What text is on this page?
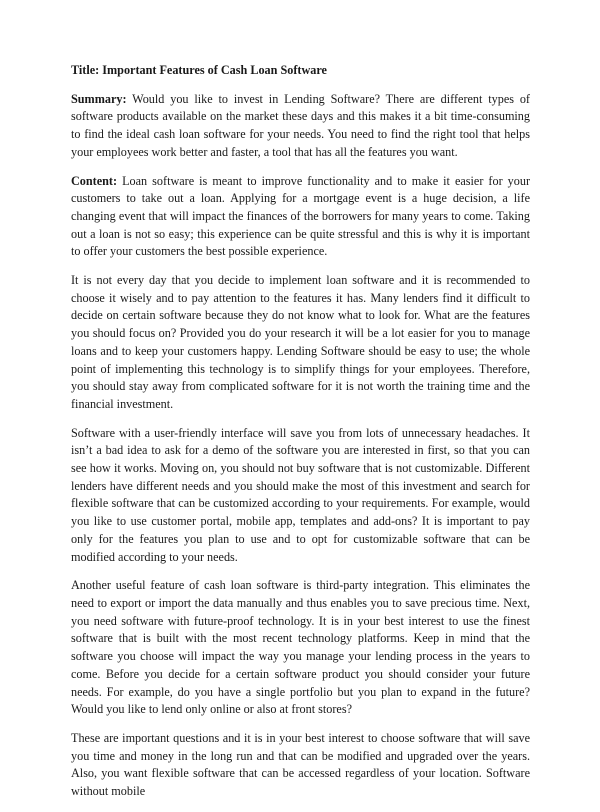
Title: Important Features of Cash Loan Software

Summary: Would you like to invest in Lending Software? There are different types of software products available on the market these days and this makes it a bit time-consuming to find the ideal cash loan software for your needs. You need to find the right tool that helps your employees work better and faster, a tool that has all the features you want.

Content: Loan software is meant to improve functionality and to make it easier for your customers to take out a loan. Applying for a mortgage event is a huge decision, a life changing event that will impact the finances of the borrowers for many years to come. Taking out a loan is not so easy; this experience can be quite stressful and this is why it is important to offer your customers the best possible experience.

It is not every day that you decide to implement loan software and it is recommended to choose it wisely and to pay attention to the features it has. Many lenders find it difficult to decide on certain software because they do not know what to look for. What are the features you should focus on? Provided you do your research it will be a lot easier for you to manage loans and to keep your customers happy. Lending Software should be easy to use; the whole point of implementing this technology is to simplify things for your employees. Therefore, you should stay away from complicated software for it is not worth the training time and the financial investment.

Software with a user-friendly interface will save you from lots of unnecessary headaches. It isn’t a bad idea to ask for a demo of the software you are interested in first, so that you can see how it works. Moving on, you should not buy software that is not customizable. Different lenders have different needs and you should make the most of this investment and search for flexible software that can be customized according to your requirements. For example, would you like to use customer portal, mobile app, templates and add-ons? It is important to pay only for the features you plan to use and to opt for customizable software that can be modified according to your needs.

Another useful feature of cash loan software is third-party integration. This eliminates the need to export or import the data manually and thus enables you to save precious time. Next, you need software with future-proof technology. It is in your best interest to use the finest software that is built with the most recent technology platforms. Keep in mind that the software you choose will impact the way you manage your lending process in the years to come. Before you decide for a certain software product you should consider your future needs. For example, do you have a single portfolio but you plan to expand in the future? Would you like to lend only online or also at front stores?

These are important questions and it is in your best interest to choose software that will save you time and money in the long run and that can be modified and upgraded over the years. Also, you want flexible software that can be accessed regardless of your location. Software without mobile
